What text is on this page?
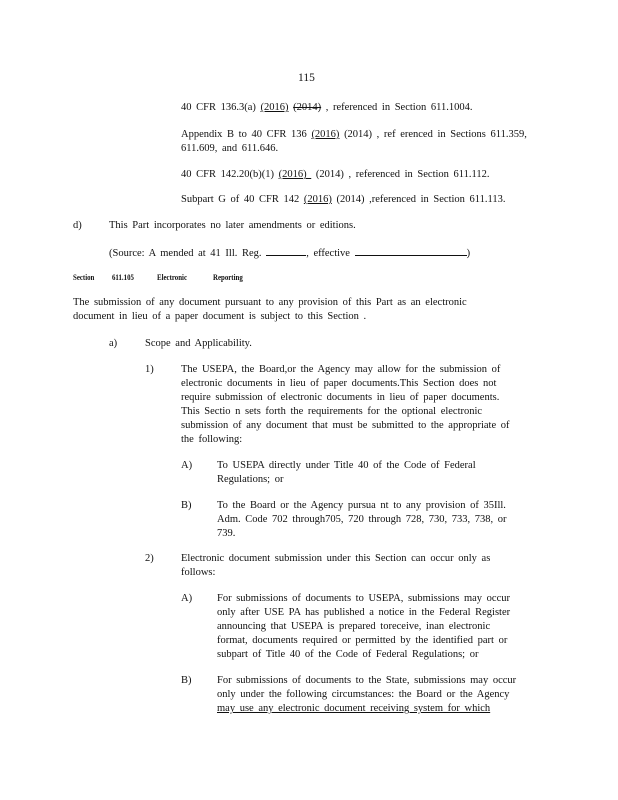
115
40 CFR 136.3(a) (2016) (2014) , referenced in Section 611.1004.
Appendix B to 40 CFR 136 (2016) (2014) , ref erenced in Sections 611.359,
611.609, and 611.646.
40 CFR 142.20(b)(1) (2016)  (2014) , referenced in Section 611.112.
Subpart G of 40 CFR 142 (2016) (2014) ,referenced in Section 611.113.
d)	This Part incorporates no later amendments or editions.
(Source: A mended at 41 Ill. Reg.	, effective	)
Section 611.105	Electronic	Reporting
The submission of any document pursuant to any provision of this Part as an electronic
document in lieu of a paper document is subject to this Section .
a)	Scope and Applicability.
1)	The USEPA, the Board,or the Agency may allow for the submission of
electronic documents in lieu of paper documents.This Section does not
require submission of electronic documents in lieu of paper documents.
This Sectio n sets forth the requirements for the optional electronic
submission of any document that must be submitted to the appropriate of
the following:
A) To USEPA directly under Title 40 of the Code of Federal
Regulations; or
B) To the Board or the Agency pursua nt to any provision of 35Ill.
Adm. Code 702 through705, 720 through 728, 730, 733, 738, or
739.
2)	Electronic document submission under this Section can occur only as
follows:
A) For submissions of documents to USEPA, submissions may occur
only after USE PA has published a notice in the Federal Register
announcing that USEPA is prepared toreceive, inan electronic
format, documents required or permitted by the identified part or
subpart of Title 40 of the Code of Federal Regulations; or
B) For submissions of documents to the State, submissions may occur
only under the following circumstances: the Board or the Agency
may use any electronic document receiving system for which
